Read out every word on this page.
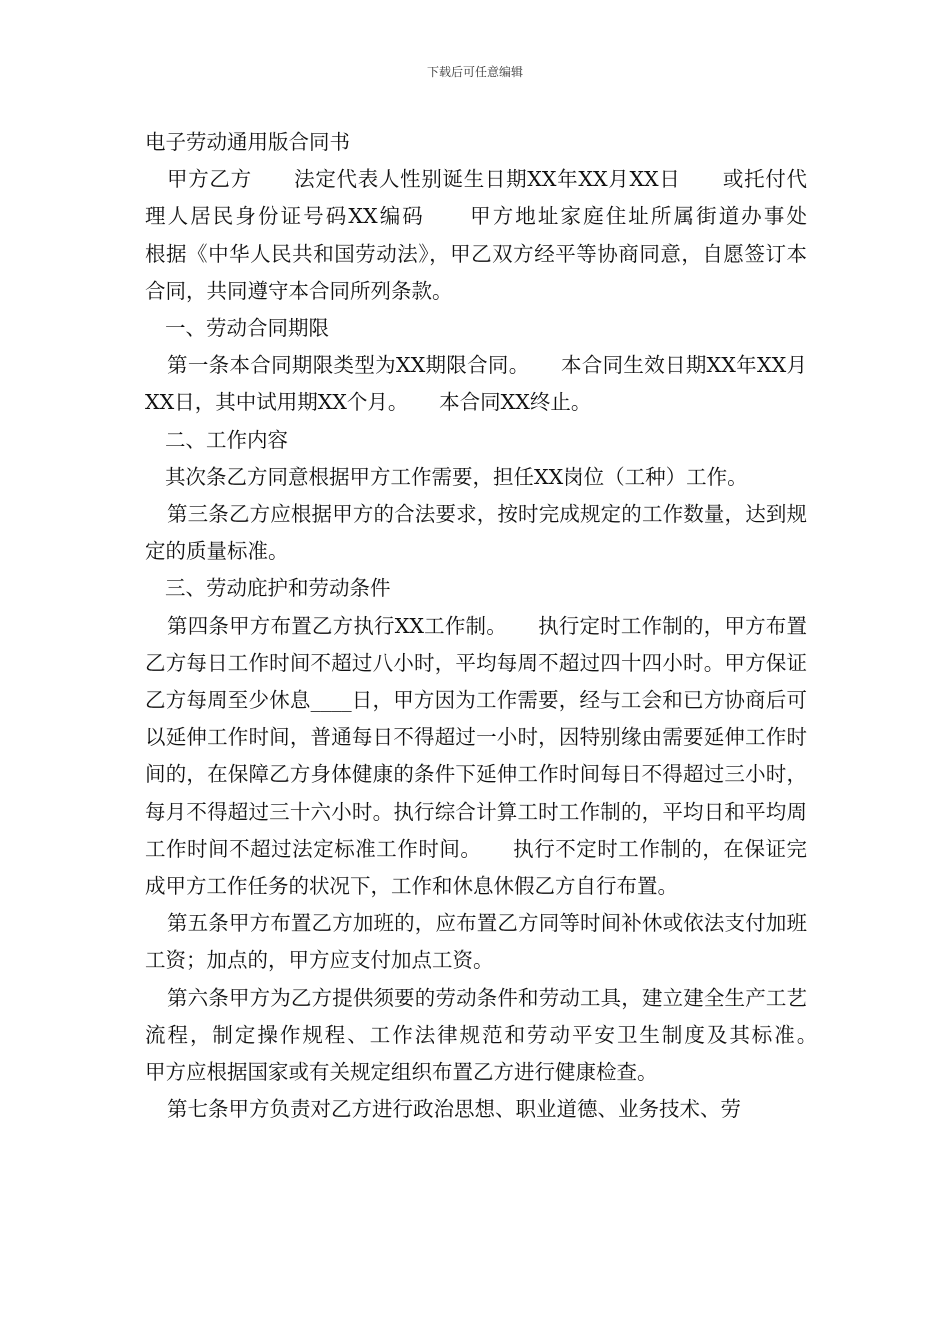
下载后可任意编辑

电子劳动通用版合同书

甲方乙方　　法定代表人性别诞生日期XX年XX月XX日　　或托付代理人居民身份证号码XX编码　　甲方地址家庭住址所属街道办事处　　根据《中华人民共和国劳动法》，甲乙双方经平等协商同意，自愿签订本合同，共同遵守本合同所列条款。

一、劳动合同期限

第一条本合同期限类型为XX期限合同。　　本合同生效日期XX年XX月XX日，其中试用期XX个月。　　本合同XX终止。

二、工作内容

其次条乙方同意根据甲方工作需要，担任XX岗位（工种）工作。

第三条乙方应根据甲方的合法要求，按时完成规定的工作数量，达到规定的质量标准。

三、劳动庇护和劳动条件

第四条甲方布置乙方执行XX工作制。　　执行定时工作制的，甲方布置乙方每日工作时间不超过八小时，平均每周不超过四十四小时。甲方保证乙方每周至少休息____日，甲方因为工作需要，经与工会和已方协商后可以延伸工作时间，普通每日不得超过一小时，因特别缘由需要延伸工作时间的，在保障乙方身体健康的条件下延伸工作时间每日不得超过三小时，每月不得超过三十六小时。执行综合计算工时工作制的，平均日和平均周工作时间不超过法定标准工作时间。　　执行不定时工作制的，在保证完成甲方工作任务的状况下，工作和休息休假乙方自行布置。

第五条甲方布置乙方加班的，应布置乙方同等时间补休或依法支付加班工资；加点的，甲方应支付加点工资。

第六条甲方为乙方提供须要的劳动条件和劳动工具，建立建全生产工艺流程，制定操作规程、工作法律规范和劳动平安卫生制度及其标准。　　甲方应根据国家或有关规定组织布置乙方进行健康检查。

第七条甲方负责对乙方进行政治思想、职业道德、业务技术、劳
